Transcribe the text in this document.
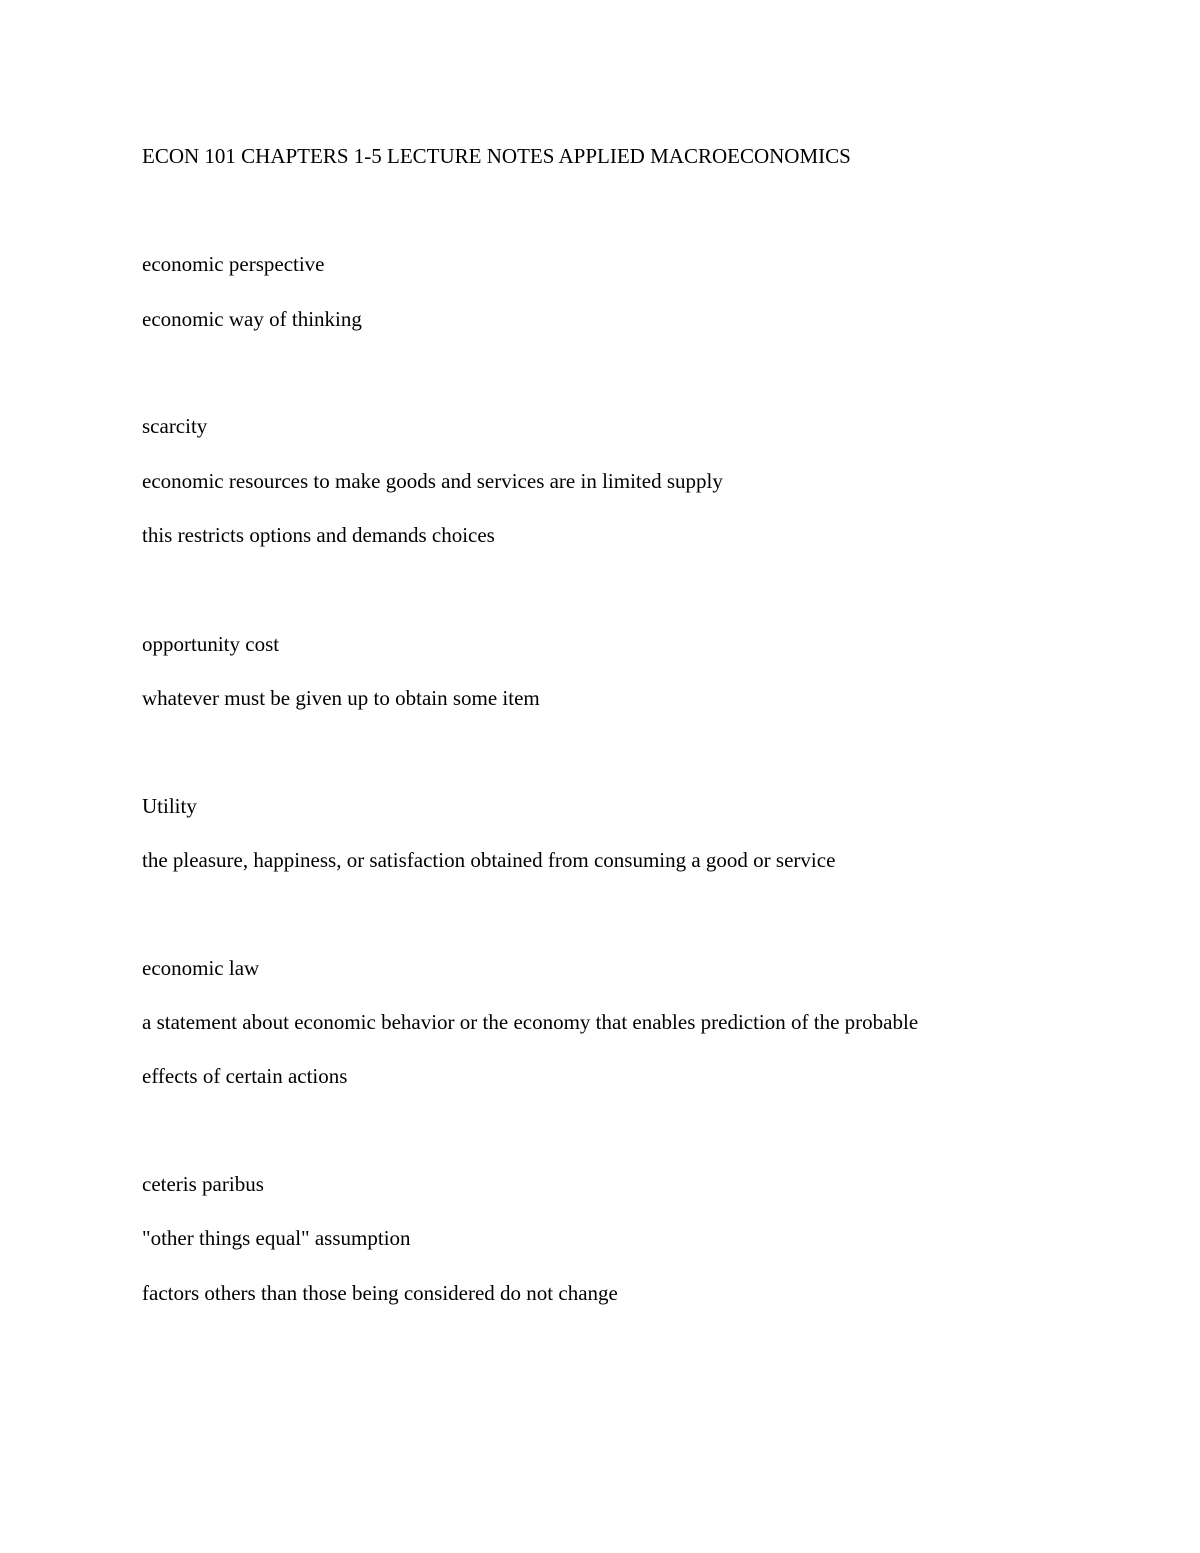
ECON 101 CHAPTERS 1-5 LECTURE NOTES APPLIED MACROECONOMICS
economic perspective
economic way of thinking
scarcity
economic resources to make goods and services are in limited supply
this restricts options and demands choices
opportunity cost
whatever must be given up to obtain some item
Utility
the pleasure, happiness, or satisfaction obtained from consuming a good or service
economic law
a statement about economic behavior or the economy that enables prediction of the probable
effects of certain actions
ceteris paribus
"other things equal" assumption
factors others than those being considered do not change
